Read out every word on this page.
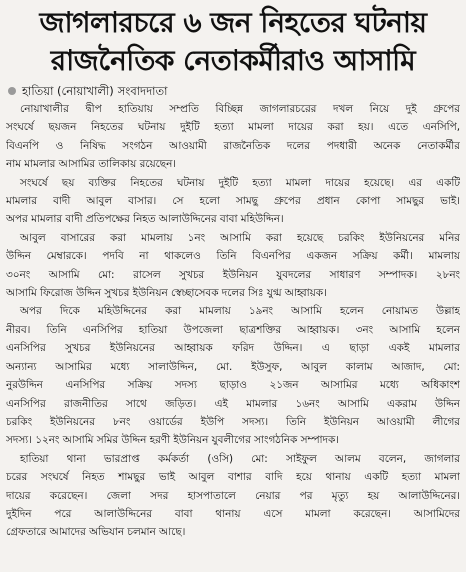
জাগলারচরে ৬ জন নিহতের ঘটনায়
রাজনৈতিক নেতাকর্মীরাও আসামি
হাতিয়া (নোয়াখালী) সংবাদদাতা
নোয়াখালীর দ্বীপ হাতিয়ায় সম্প্রতি বিচ্ছিন্ন জাগলারচরের দখল নিয়ে দুই গ্রুপের
সংঘর্ষে ছয়জন নিহতের ঘটনায় দুইটি হত্যা মামলা দায়ের করা হয়। এতে এনসিপি,
বিএনপি ও নিষিদ্ধ সংগঠন আওয়ামী রাজনৈতিক দলের পদধারী অনেক নেতাকর্মীর
নাম মামলার আসামির তালিকায় রয়েছেন।
সংঘর্ষে ছয় ব্যক্তির নিহতের ঘটনায় দুইটি হত্যা মামলা দায়ের হয়েছে। এর একটি
মামলার বাদী আবুল বাসার। সে হলো সামছু গ্রুপের প্রধান কোপা সামছুর ভাই।
অপর মামলার বাদী প্রতিপক্ষের নিহত আলাউদ্দিনের বাবা মহিউদ্দিন।
আবুল বাসারের করা মামলায় ১নং আসামি করা হয়েছে চরকিং ইউনিয়নের মনির
উদ্দিন মেম্বারকে। পদবি না থাকলেও তিনি বিএনপির একজন সক্রিয় কর্মী। মামলায়
৩০নং আসামি মো: রাসেল সুখচর ইউনিয়ন যুবদলের সাধারণ সম্পাদক। ২৮নং
আসামি ফিরোজ উদ্দিন সুখচর ইউনিয়ন স্বেচ্ছাসেবক দলের সিঃ যুগ্ম আহ্বায়ক।
অপর দিকে মহিউদ্দিনের করা মামলায় ১৯নং আসামি হলেন নোয়ামত উল্লাহ
নীরব। তিনি এনসিপির হাতিয়া উপজেলা ছাত্রশক্তির আহ্বায়ক। ৩নং আসামি হলেন
এনসিপির সুখচর ইউনিয়নের আহ্বায়ক ফরিদ উদ্দিন। এ ছাড়া একই মামলার
অন্যান্য আসামির মধ্যে সালাউদ্দিন, মো. ইউসুফ, আবুল কালাম আজাদ, মো:
নুরউদ্দিন এনসিপির সক্রিয় সদস্য ছাড়াও ২১জন আসামির মধ্যে অধিকাংশ
এনসিপির রাজনীতির সাথে জড়িত। এই মামলার ১৬নং আসামি একরাম উদ্দিন
চরকিং ইউনিয়নের ৮নং ওয়ার্ডের ইউপি সদস্য। তিনি ইউনিয়ন আওয়ামী লীগের
সদস্য। ১২নং আসামি সমির উদ্দিন হরণী ইউনিয়ন যুবলীগের সাংগঠনিক সম্পাদক।
হাতিয়া থানা ভারপ্রাপ্ত কর্মকর্তা (ওসি) মো: সাইফুল আলম বলেন, জাগলার
চরের সংঘর্ষে নিহত শামছুর ভাই আবুল বাশার বাদি হয়ে থানায় একটি হত্যা মামলা
দায়ের করেছেন। জেলা সদর হাসপাতালে নেয়ার পর মৃত্যু হয় আলাউদ্দিনের।
দুইদিন পরে আলাউদ্দিনের বাবা থানায় এসে মামলা করেছেন। আসামিদের
গ্রেফতারে আমাদের অভিযান চলমান আছে।
